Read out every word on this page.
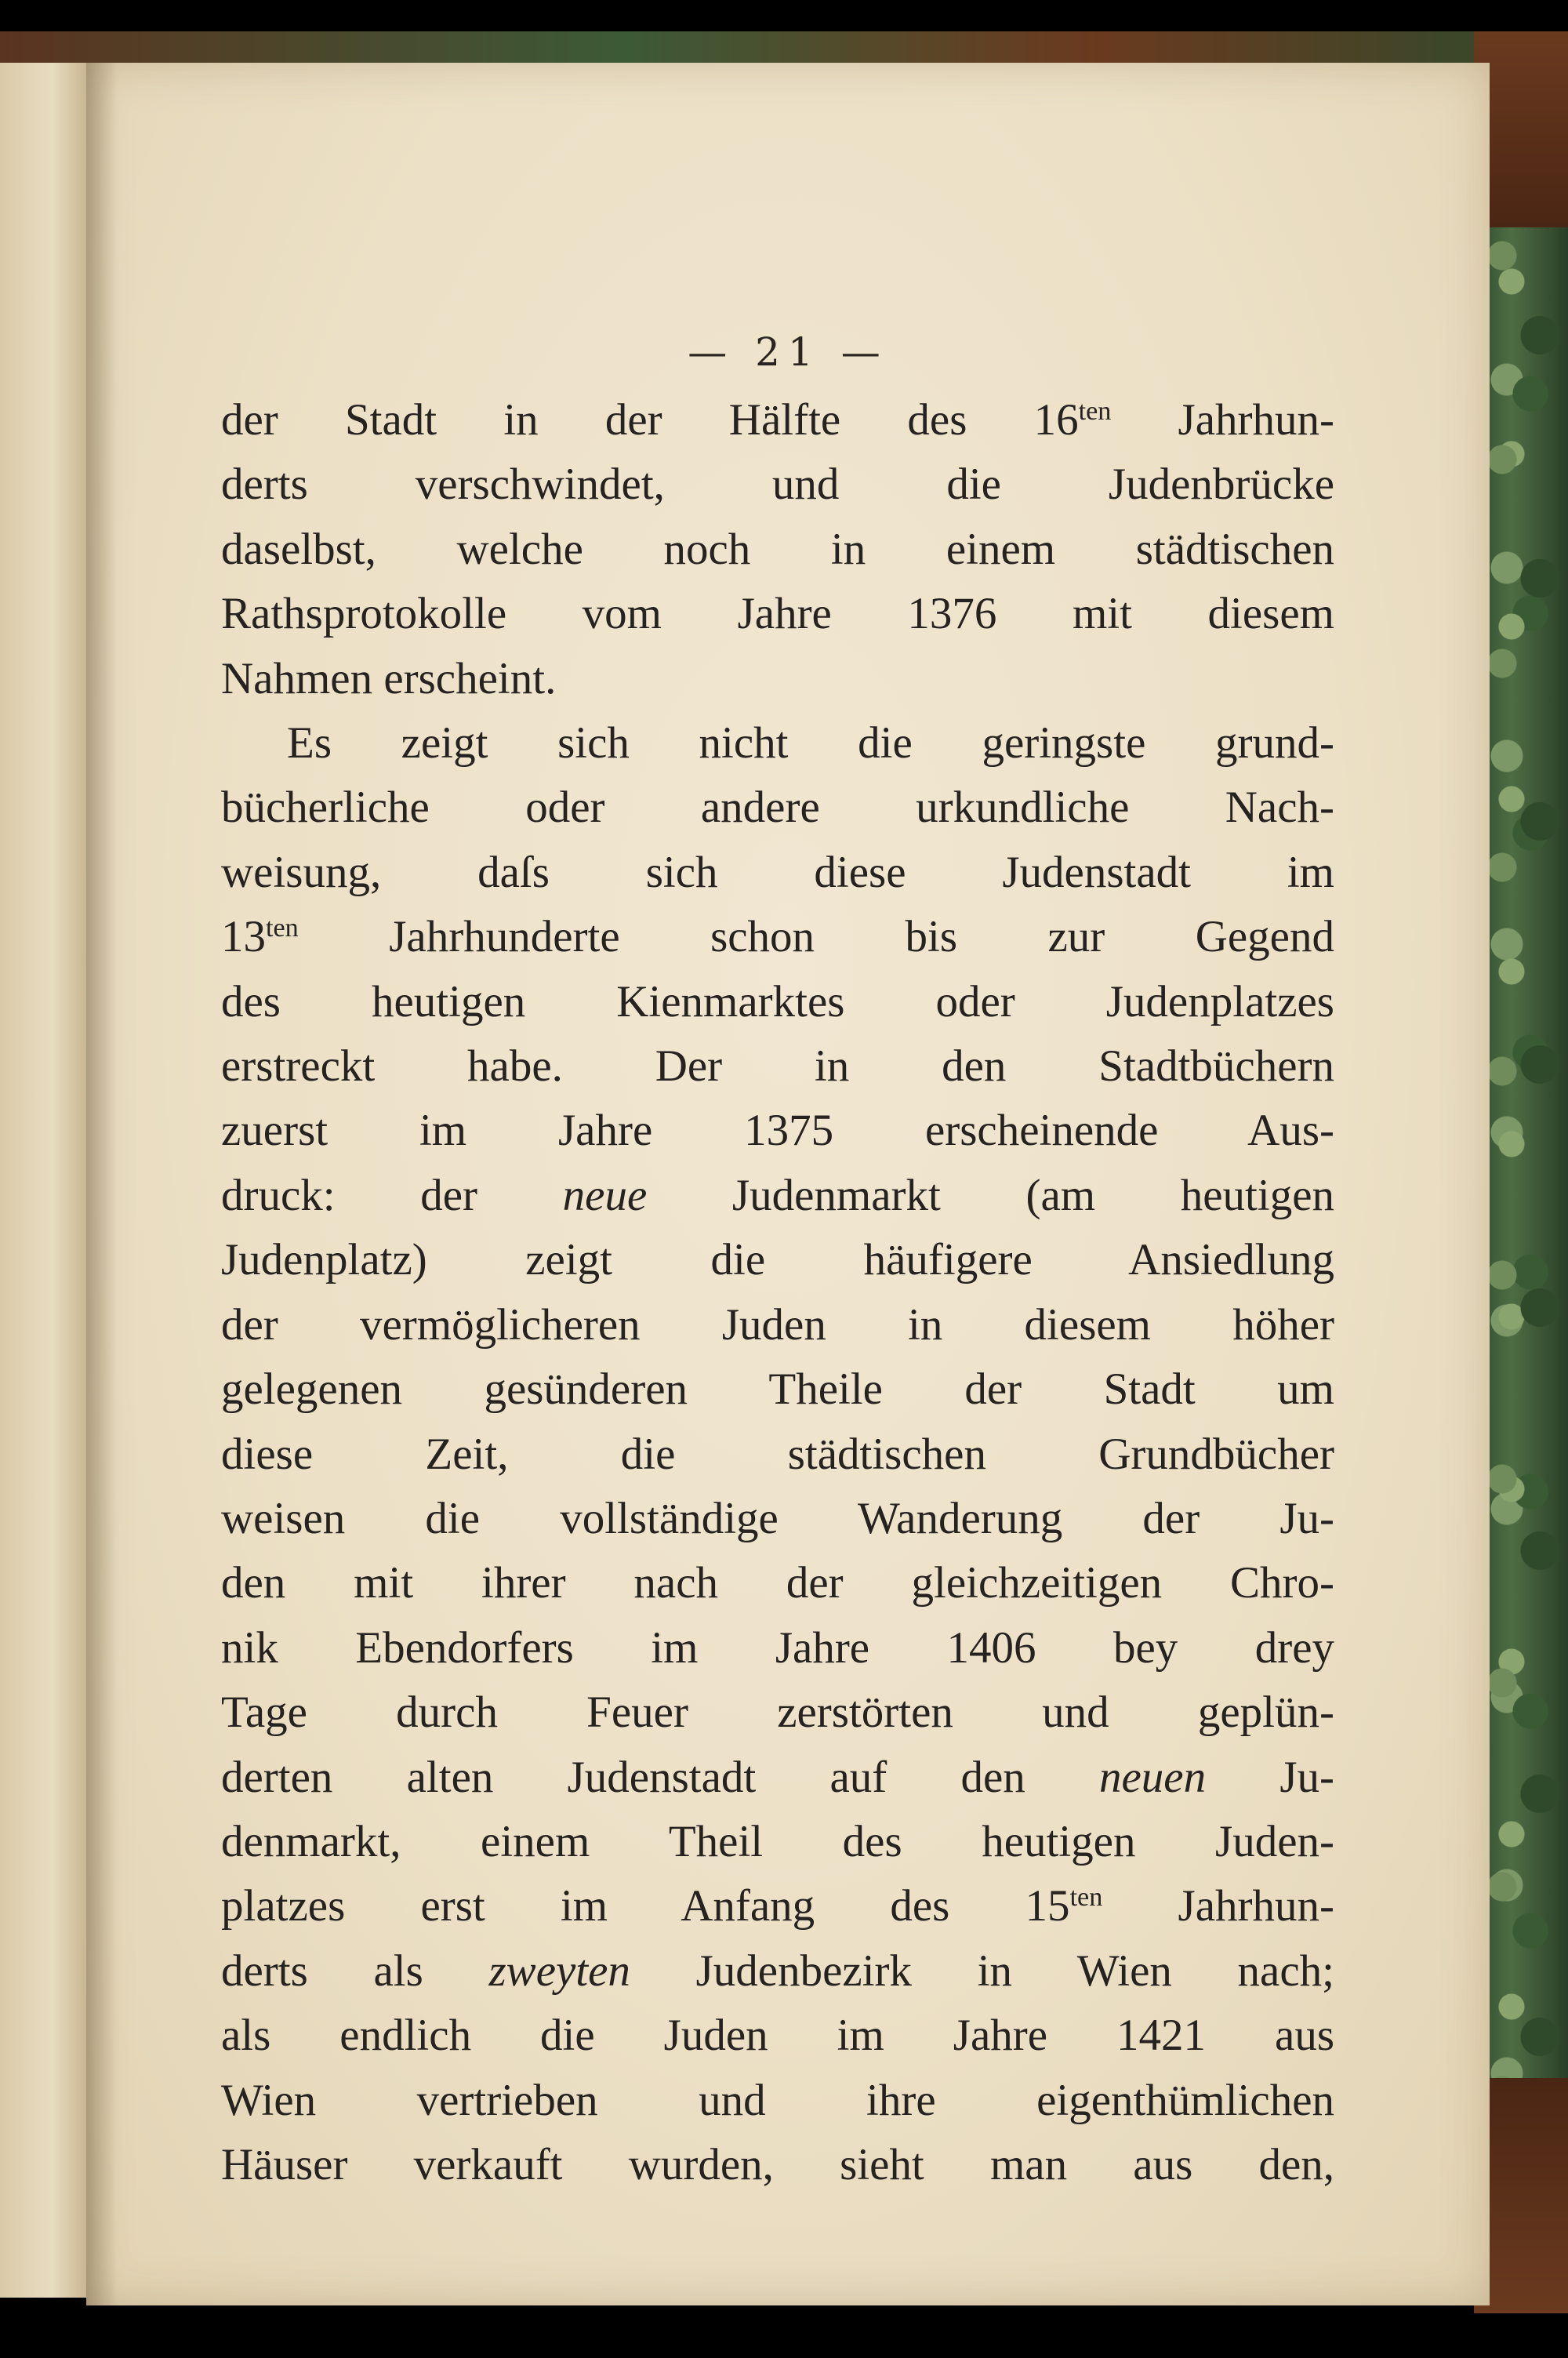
— 21 —
der Stadt in der Hälfte des $16^{ten}$ Jahrhun-
derts verschwindet, und die Judenbrücke
daselbst, welche noch in einem städtischen
Rathsprotokolle vom Jahre 1376 mit diesem
Nahmen erscheint.
Es zeigt sich nicht die geringste grund-
bücherliche oder andere urkundliche Nach-
weisung, daſs sich diese Judenstadt im
$13^{ten}$ Jahrhunderte schon bis zur Gegend
des heutigen Kienmarktes oder Judenplatzes
erstreckt habe. Der in den Stadtbüchern
zuerst im Jahre 1375 erscheinende Aus-
druck: der neue Judenmarkt (am heutigen
Judenplatz) zeigt die häufigere Ansiedlung
der vermöglicheren Juden in diesem höher
gelegenen gesünderen Theile der Stadt um
diese Zeit, die städtischen Grundbücher
weisen die vollständige Wanderung der Ju-
den mit ihrer nach der gleichzeitigen Chro-
nik Ebendorfers im Jahre 1406 bey drey
Tage durch Feuer zerstörten und geplün-
derten alten Judenstadt auf den neuen Ju-
denmarkt, einem Theil des heutigen Juden-
platzes erst im Anfang des $15^{ten}$ Jahrhun-
derts als zweyten Judenbezirk in Wien nach;
als endlich die Juden im Jahre 1421 aus
Wien vertrieben und ihre eigenthümlichen
Häuser verkauft wurden, sieht man aus den,
